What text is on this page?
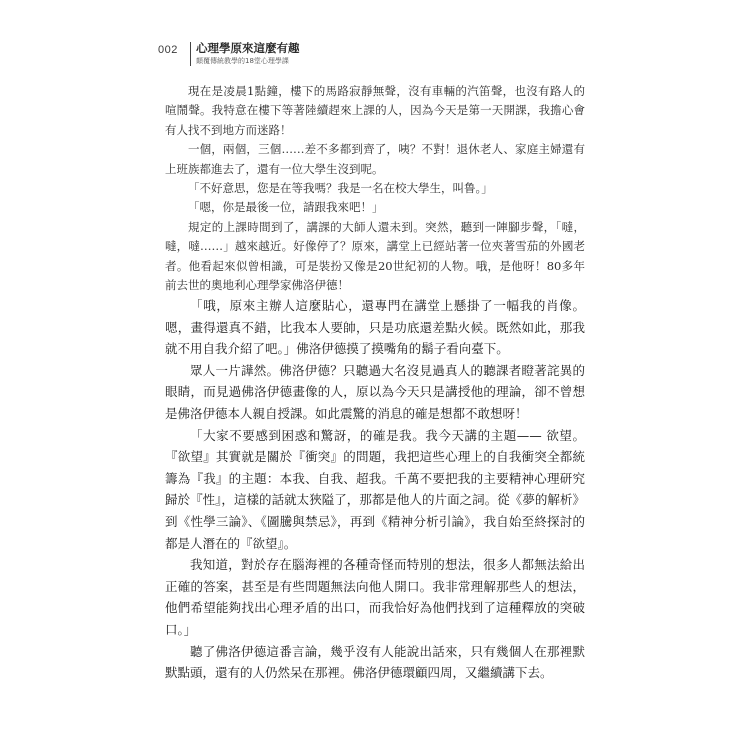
002 心理學原來這麼有趣
顛覆傳統教學的18堂心理學課

現在是凌晨1點鐘，樓下的馬路寂靜無聲，沒有車輛的汽笛聲，也沒有路人的喧鬧聲。我特意在樓下等著陸續趕來上課的人，因為今天是第一天開課，我擔心會有人找不到地方而迷路！

一個，兩個，三個……差不多都到齊了，咦？不對！退休老人、家庭主婦還有上班族都進去了，還有一位大學生沒到呢。

「不好意思，您是在等我嗎？我是一名在校大學生，叫鲁。」

「嗯，你是最後一位，請跟我來吧！」

規定的上課時間到了，講課的大師人還未到。突然，聽到一陣腳步聲，「噠，噠，噠……」越來越近。好像停了？原來，講堂上已經站著一位夾著雪茄的外國老者。他看起來似曾相識，可是裝扮又像是20世紀初的人物。哦，是他呀！80多年前去世的奧地利心理學家佛洛伊德！

「哦，原來主辦人這麼貼心，還專門在講堂上懸掛了一幅我的肖像。嗯，畫得還真不錯，比我本人要帥，只是功底還差點火候。既然如此，那我就不用自我介紹了吧。」佛洛伊德摸了摸嘴角的鬍子看向臺下。

眾人一片譁然。佛洛伊德？只聽過大名沒見過真人的聽課者瞪著詫異的眼睛，而見過佛洛伊德畫像的人，原以為今天只是講授他的理論，卻不曾想是佛洛伊德本人親自授課。如此震驚的消息的確是想都不敢想呀！

「大家不要感到困惑和驚訝，的確是我。我今天講的主題—— 欲望。『欲望』其實就是關於『衝突』的問題，我把這些心理上的自我衝突全都統籌為『我』的主題：本我、自我、超我。千萬不要把我的主要精神心理研究歸於『性』，這樣的話就太狹隘了，那都是他人的片面之詞。從《夢的解析》到《性學三論》、《圖騰與禁忌》，再到《精神分析引論》，我自始至終探討的都是人潛在的『欲望』。

我知道，對於存在腦海裡的各種奇怪而特別的想法，很多人都無法給出正確的答案，甚至是有些問題無法向他人開口。我非常理解那些人的想法，他們希望能夠找出心理矛盾的出口，而我恰好為他們找到了這種釋放的突破口。」

聽了佛洛伊德這番言論，幾乎沒有人能說出話來，只有幾個人在那裡默默點頭，還有的人仍然呆在那裡。佛洛伊德環顧四周，又繼續講下去。
